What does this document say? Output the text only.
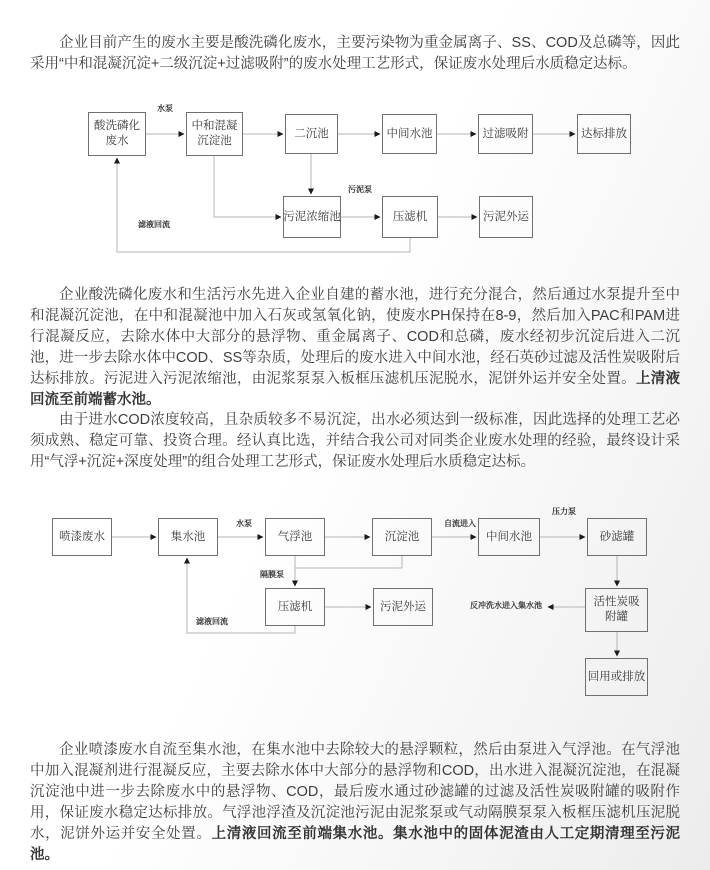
企业目前产生的废水主要是酸洗磷化废水，主要污染物为重金属离子、SS、COD及总磷等，因此采用“中和混凝沉淀+二级沉淀+过滤吸附”的废水处理工艺形式，保证废水处理后水质稳定达标。

酸洗磷化废水
中和混凝沉淀池
二沉池	中间水池	过滤吸附	达标排放
污泥浓缩池	压滤机	污泥外运
水泵
污泥泵
滤液回流

企业酸洗磷化废水和生活污水先进入企业自建的蓄水池，进行充分混合，然后通过水泵提升至中和混凝沉淀池，在中和混凝池中加入石灰或氢氧化钠，使废水PH保持在8-9，然后加入PAC和PAM进行混凝反应，去除水体中大部分的悬浮物、重金属离子、COD和总磷，废水经初步沉淀后进入二沉池，进一步去除水体中COD、SS等杂质，处理后的废水进入中间水池，经石英砂过滤及活性炭吸附后达标排放。污泥进入污泥浓缩池，由泥浆泵泵入板框压滤机压泥脱水，泥饼外运并安全处置。上清液回流至前端蓄水池。

由于进水COD浓度较高，且杂质较多不易沉淀，出水必须达到一级标准，因此选择的处理工艺必须成熟、稳定可靠、投资合理。经认真比选，并结合我公司对同类企业废水处理的经验，最终设计采用“气浮+沉淀+深度处理”的组合处理工艺形式，保证废水处理后水质稳定达标。

喷漆废水	集水池	气浮池	沉淀池	中间水池	砂滤罐
活性炭吸附罐
回用或排放
压滤机	污泥外运
水泵	自流进入
压力泵
隔膜泵
滤液回流
反冲洗水进入集水池

企业喷漆废水自流至集水池，在集水池中去除较大的悬浮颗粒，然后由泵进入气浮池。在气浮池中加入混凝剂进行混凝反应，主要去除水体中大部分的悬浮物和COD，出水进入混凝沉淀池，在混凝沉淀池中进一步去除废水中的悬浮物、COD，最后废水通过砂滤罐的过滤及活性炭吸附罐的吸附作用，保证废水稳定达标排放。气浮池浮渣及沉淀池污泥由泥浆泵或气动隔膜泵泵入板框压滤机压泥脱水，泥饼外运并安全处置。上清液回流至前端集水池。集水池中的固体泥渣由人工定期清理至污泥池。
